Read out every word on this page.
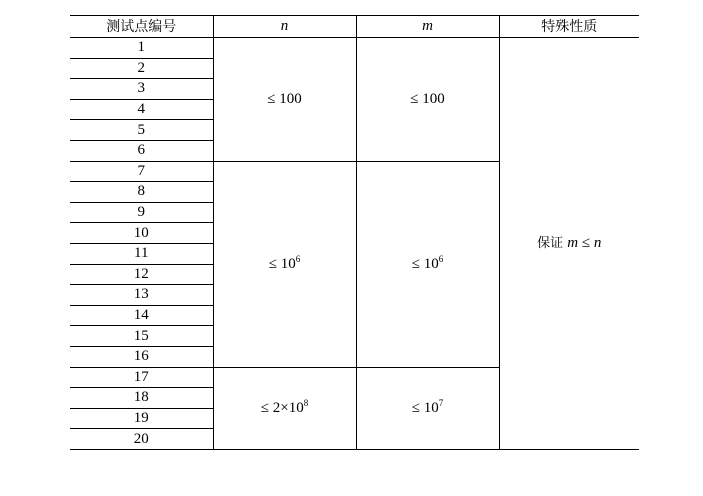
测试点编号	n	m	特殊性质
1	≤ 100	≤ 100	保证 m ≤ n
2			
3			
4			
5			
6			
7	≤ $10^6$	≤ $10^6$
8			
9			
10			
11			
12			
13			
14			
15			
16			
17	≤ $2\times 10^8$	≤ $10^7$
18			
19			
20			
